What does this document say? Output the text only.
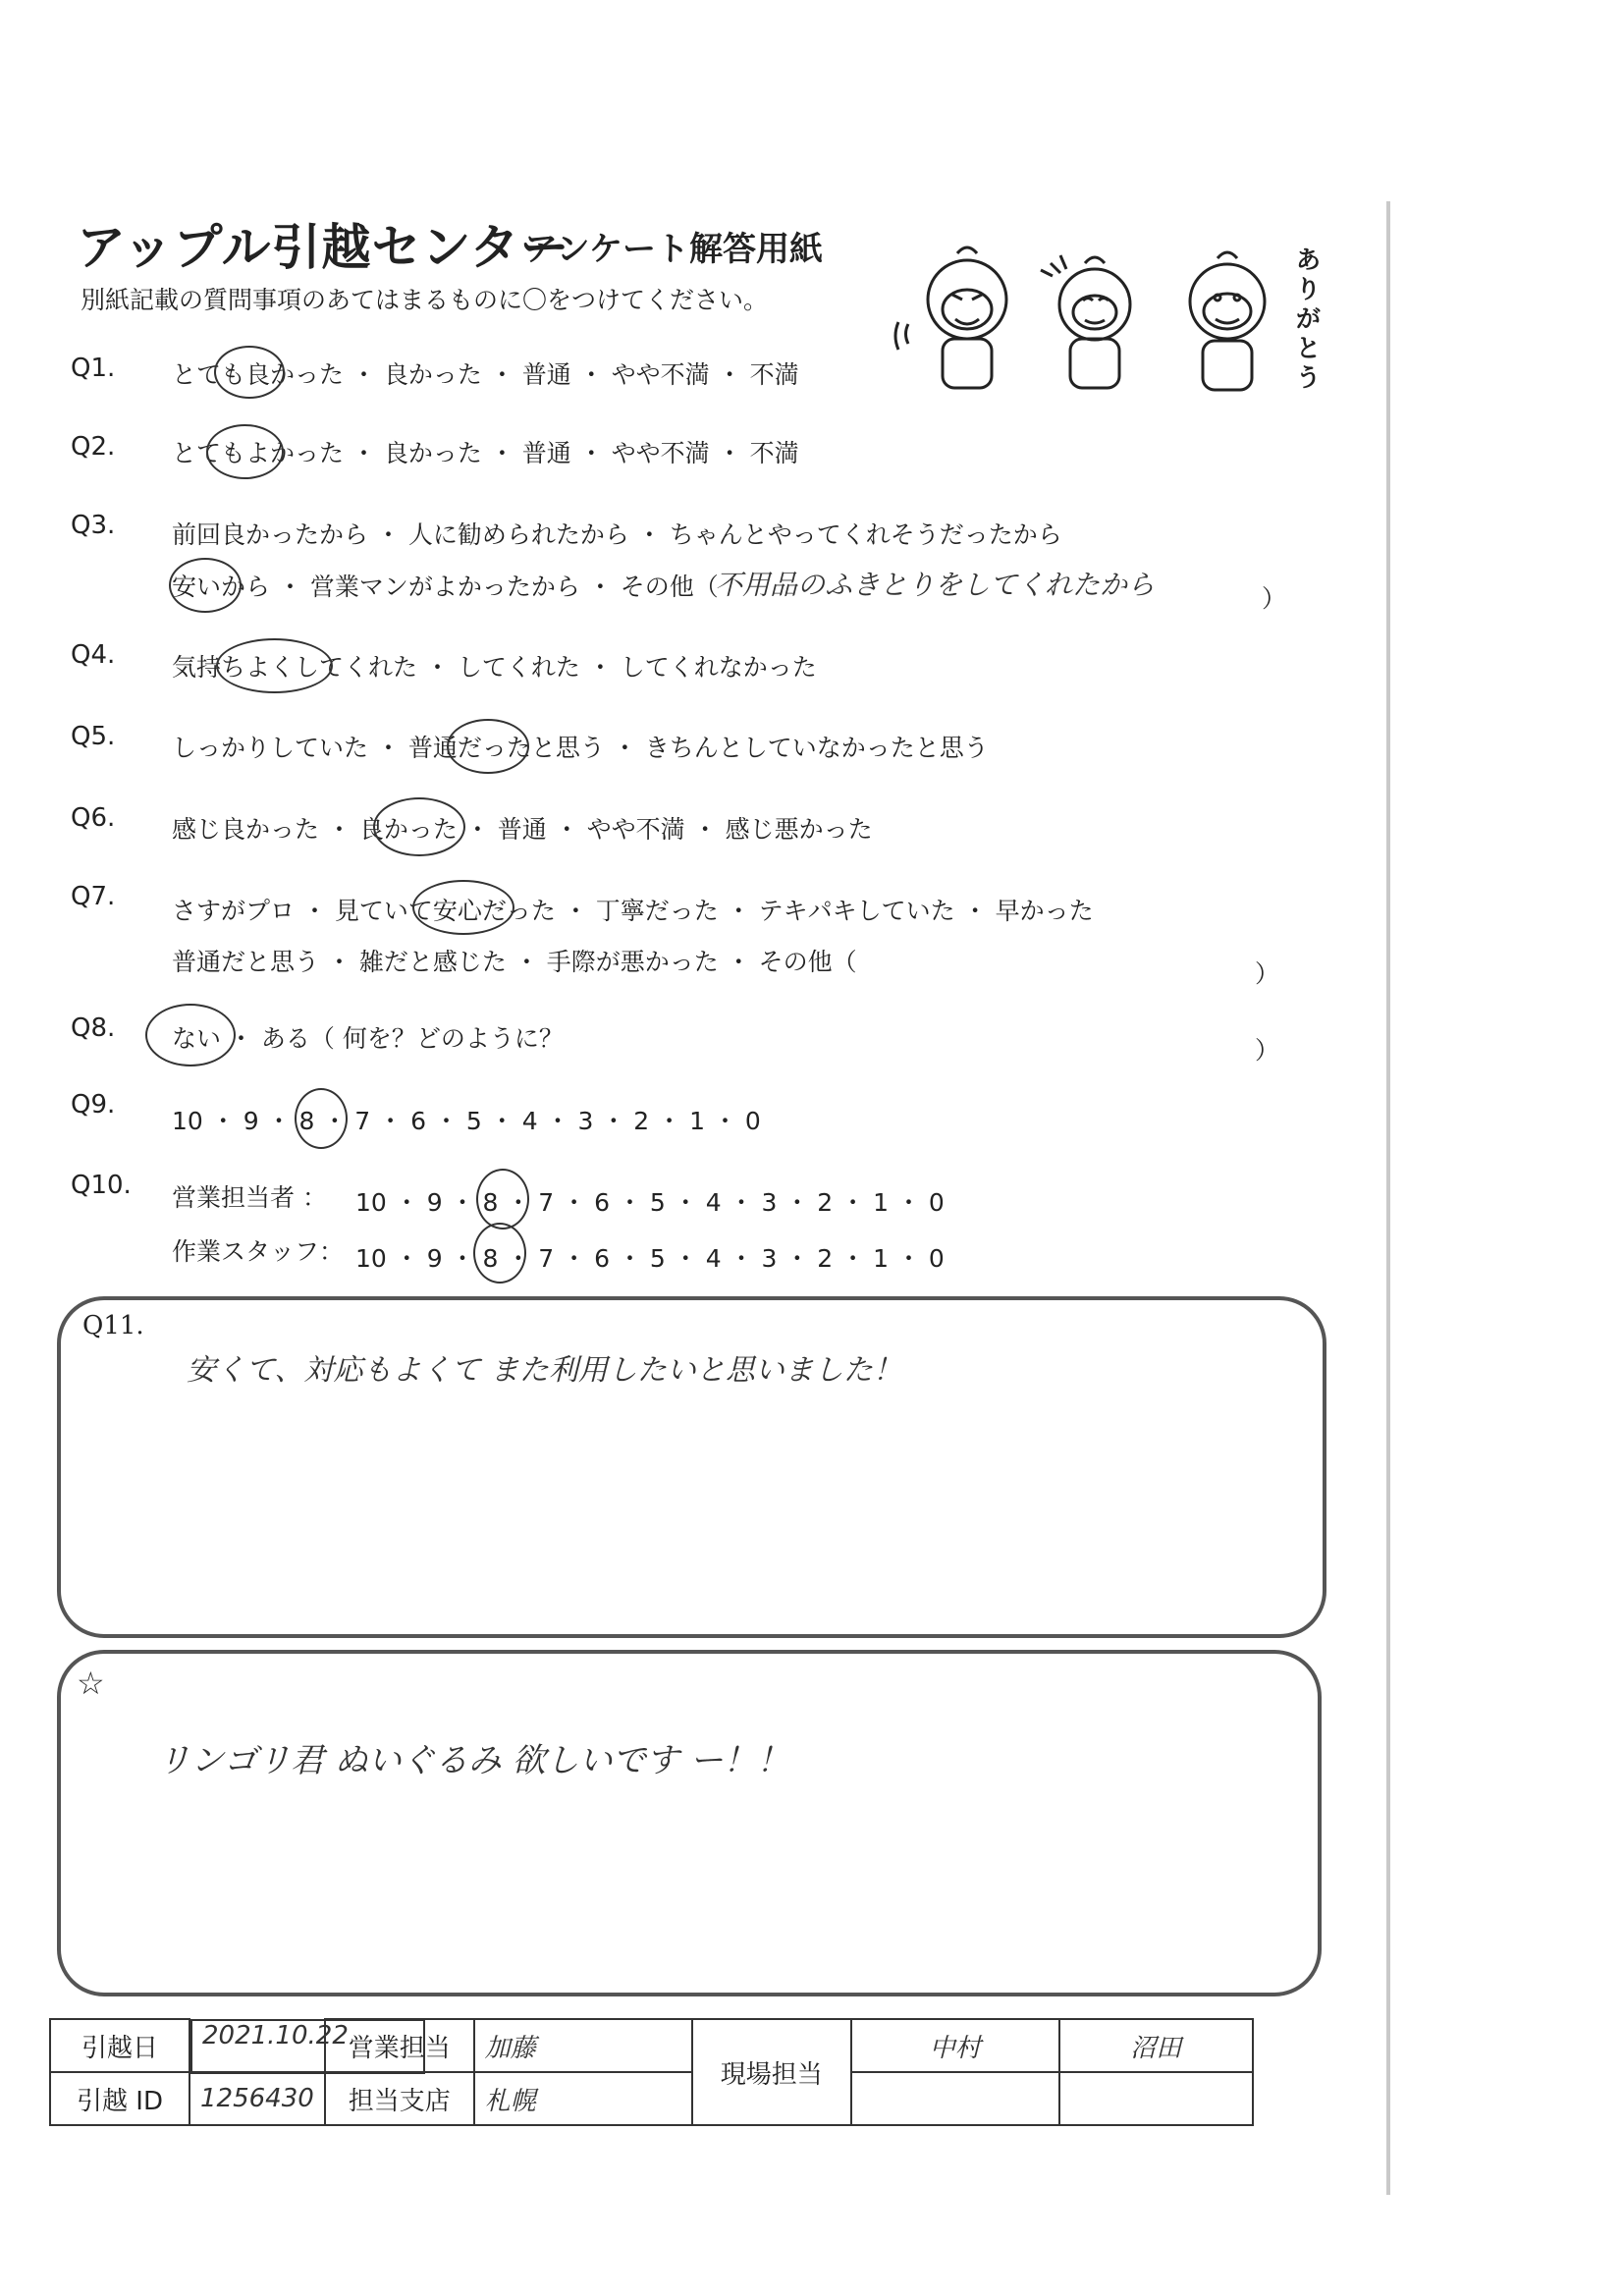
アップル引越センター
アンケート解答用紙
別紙記載の質問事項のあてはまるものに〇をつけてください。
ありがとう
Q1. とても良かった ・ 良かった ・ 普通 ・ やや不満 ・ 不満
Q2. とてもよかった ・ 良かった ・ 普通 ・ やや不満 ・ 不満
Q3. 前回良かったから ・ 人に勧められたから ・ ちゃんとやってくれそうだったから
安いから ・ 営業マンがよかったから ・ その他（
不用品のふきとりをしてくれたから	）
Q4. 気持ちよくしてくれた ・ してくれた ・ してくれなかった
Q5. しっかりしていた ・ 普通だったと思う ・ きちんとしていなかったと思う
Q6. 感じ良かった ・ 良かった ・ 普通 ・ やや不満 ・ 感じ悪かった
Q7. さすがプロ ・ 見ていて安心だった ・ 丁寧だった ・ テキパキしていた ・ 早かった
普通だと思う ・ 雑だと感じた ・ 手際が悪かった ・ その他（	）
Q8. ない ・ ある（ 何を？どのように？	）
Q9.
10 ・ 9 ・ 8 ・ 7 ・ 6 ・ 5 ・ 4 ・ 3 ・ 2 ・ 1 ・ 0
Q10. 営業担当者 ： 10 ・ 9 ・ 8 ・ 7 ・ 6 ・ 5 ・ 4 ・ 3 ・ 2 ・ 1 ・ 0
作業スタッフ： 10 ・ 9 ・ 8 ・ 7 ・ 6 ・ 5 ・ 4 ・ 3 ・ 2 ・ 1 ・ 0
Q11.
安くて、対応もよくて また利用したいと思いました！
☆
リンゴリ君 ぬいぐるみ 欲しいです ー！！
引越日		2021.10.22 営業担当	加藤	現場担当	中村	沼田
引越 ID	1256430	担当支店	札幌			
